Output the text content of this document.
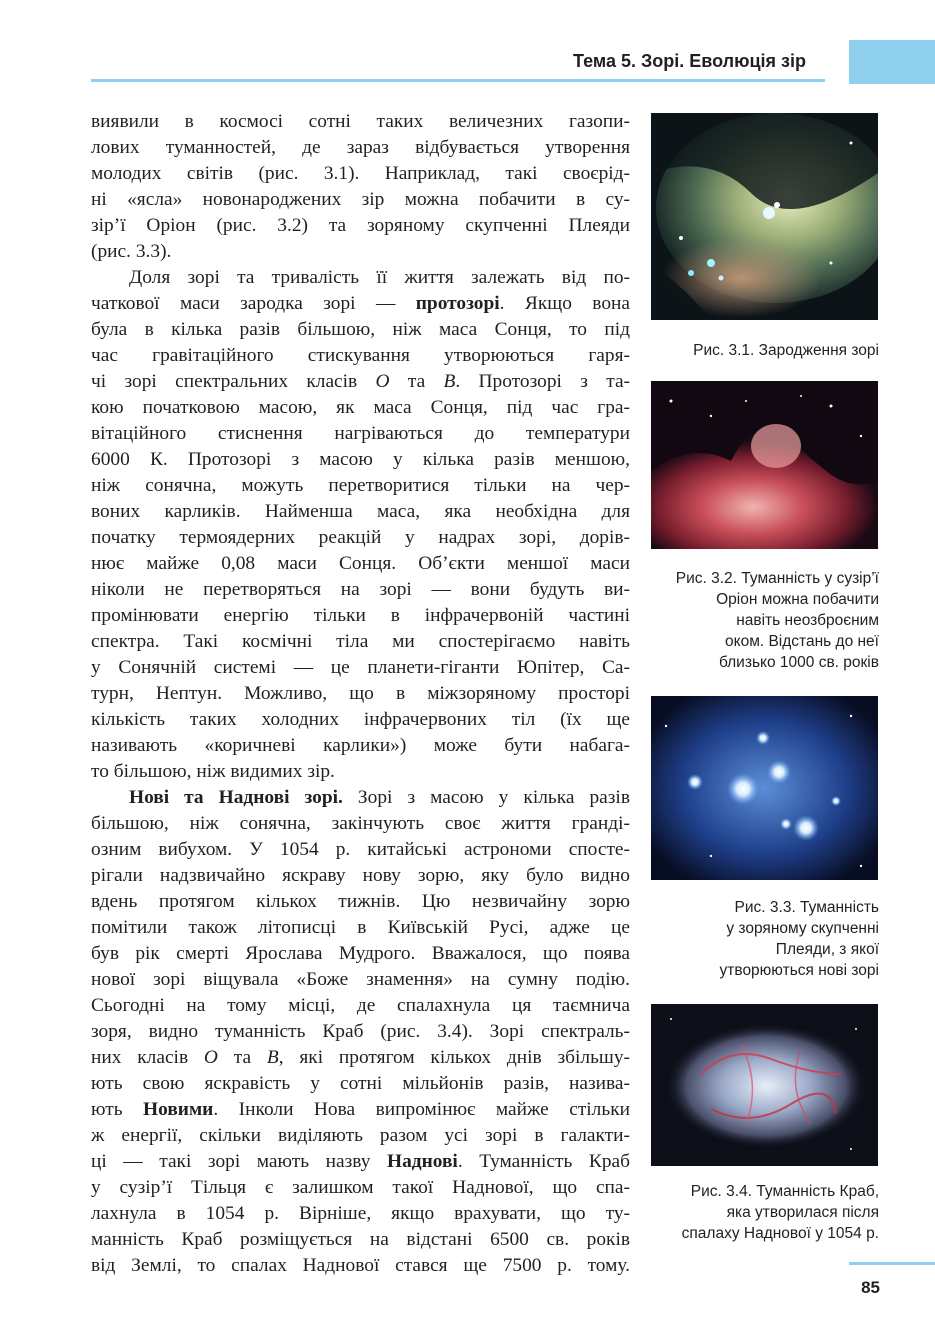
Тема 5. Зорі. Еволюція зір

виявили в космосі сотні таких величезних газопи-
лових туманностей, де зараз відбувається утворення
молодих світів (рис. 3.1). Наприклад, такі своєрід-
ні «ясла» новонароджених зір можна побачити в су-
зір’ї Оріон (рис. 3.2) та зоряному скупченні Плеяди
(рис. 3.3).

Доля зорі та тривалість її життя залежать від по-
чаткової маси зародка зорі — протозорі. Якщо вона
була в кілька разів більшою, ніж маса Сонця, то під
час гравітаційного стискування утворюються гаря-
чі зорі спектральних класів O та B. Протозорі з та-
кою початковою масою, як маса Сонця, під час гра-
вітаційного стиснення нагріваються до температури
6000 К. Протозорі з масою у кілька разів меншою,
ніж сонячна, можуть перетворитися тільки на чер-
воних карликів. Найменша маса, яка необхідна для
початку термоядерних реакцій у надрах зорі, дорів-
нює майже 0,08 маси Сонця. Об’єкти меншої маси
ніколи не перетворяться на зорі — вони будуть ви-
промінювати енергію тільки в інфрачервоній частині
спектра. Такі космічні тіла ми спостерігаємо навіть
у Сонячній системі — це планети-гіганти Юпітер, Са-
турн, Нептун. Можливо, що в міжзоряному просторі
кількість таких холодних інфрачервоних тіл (їх ще
називають «коричневі карлики») може бути набага-
то більшою, ніж видимих зір.

Нові та Наднові зорі. Зорі з масою у кілька разів
більшою, ніж сонячна, закінчують своє життя гранді-
озним вибухом. У 1054 р. китайські астрономи спосте-
рігали надзвичайно яскраву нову зорю, яку було видно
вдень протягом кількох тижнів. Цю незвичайну зорю
помітили також літописці в Київській Русі, адже це
був рік смерті Ярослава Мудрого. Вважалося, що поява
нової зорі віщувала «Боже знамення» на сумну подію.
Сьогодні на тому місці, де спалахнула ця таємнича
зоря, видно туманність Краб (рис. 3.4). Зорі спектраль-
них класів O та B, які протягом кількох днів збільшу-
ють свою яскравість у сотні мільйонів разів, назива-
ють Новими. Інколи Нова випромінює майже стільки
ж енергії, скільки виділяють разом усі зорі в галакти-
ці — такі зорі мають назву Наднові. Туманність Краб
у сузір’ї Тільця є залишком такої Наднової, що спа-
лахнула в 1054 р. Вірніше, якщо врахувати, що ту-
манність Краб розміщується на відстані 6500 св. років
від Землі, то спалах Наднової стався ще 7500 р. тому.

Рис. 3.1. Зародження зорі
Рис. 3.2. Туманність у сузір’ї
Оріон можна побачити
навіть неозброєним
оком. Відстань до неї
близько 1000 св. років
Рис. 3.3. Туманність
у зоряному скупченні
Плеяди, з якої
утворюються нові зорі
Рис. 3.4. Туманність Краб,
яка утворилася після
спалаху Наднової у 1054 р.
85
